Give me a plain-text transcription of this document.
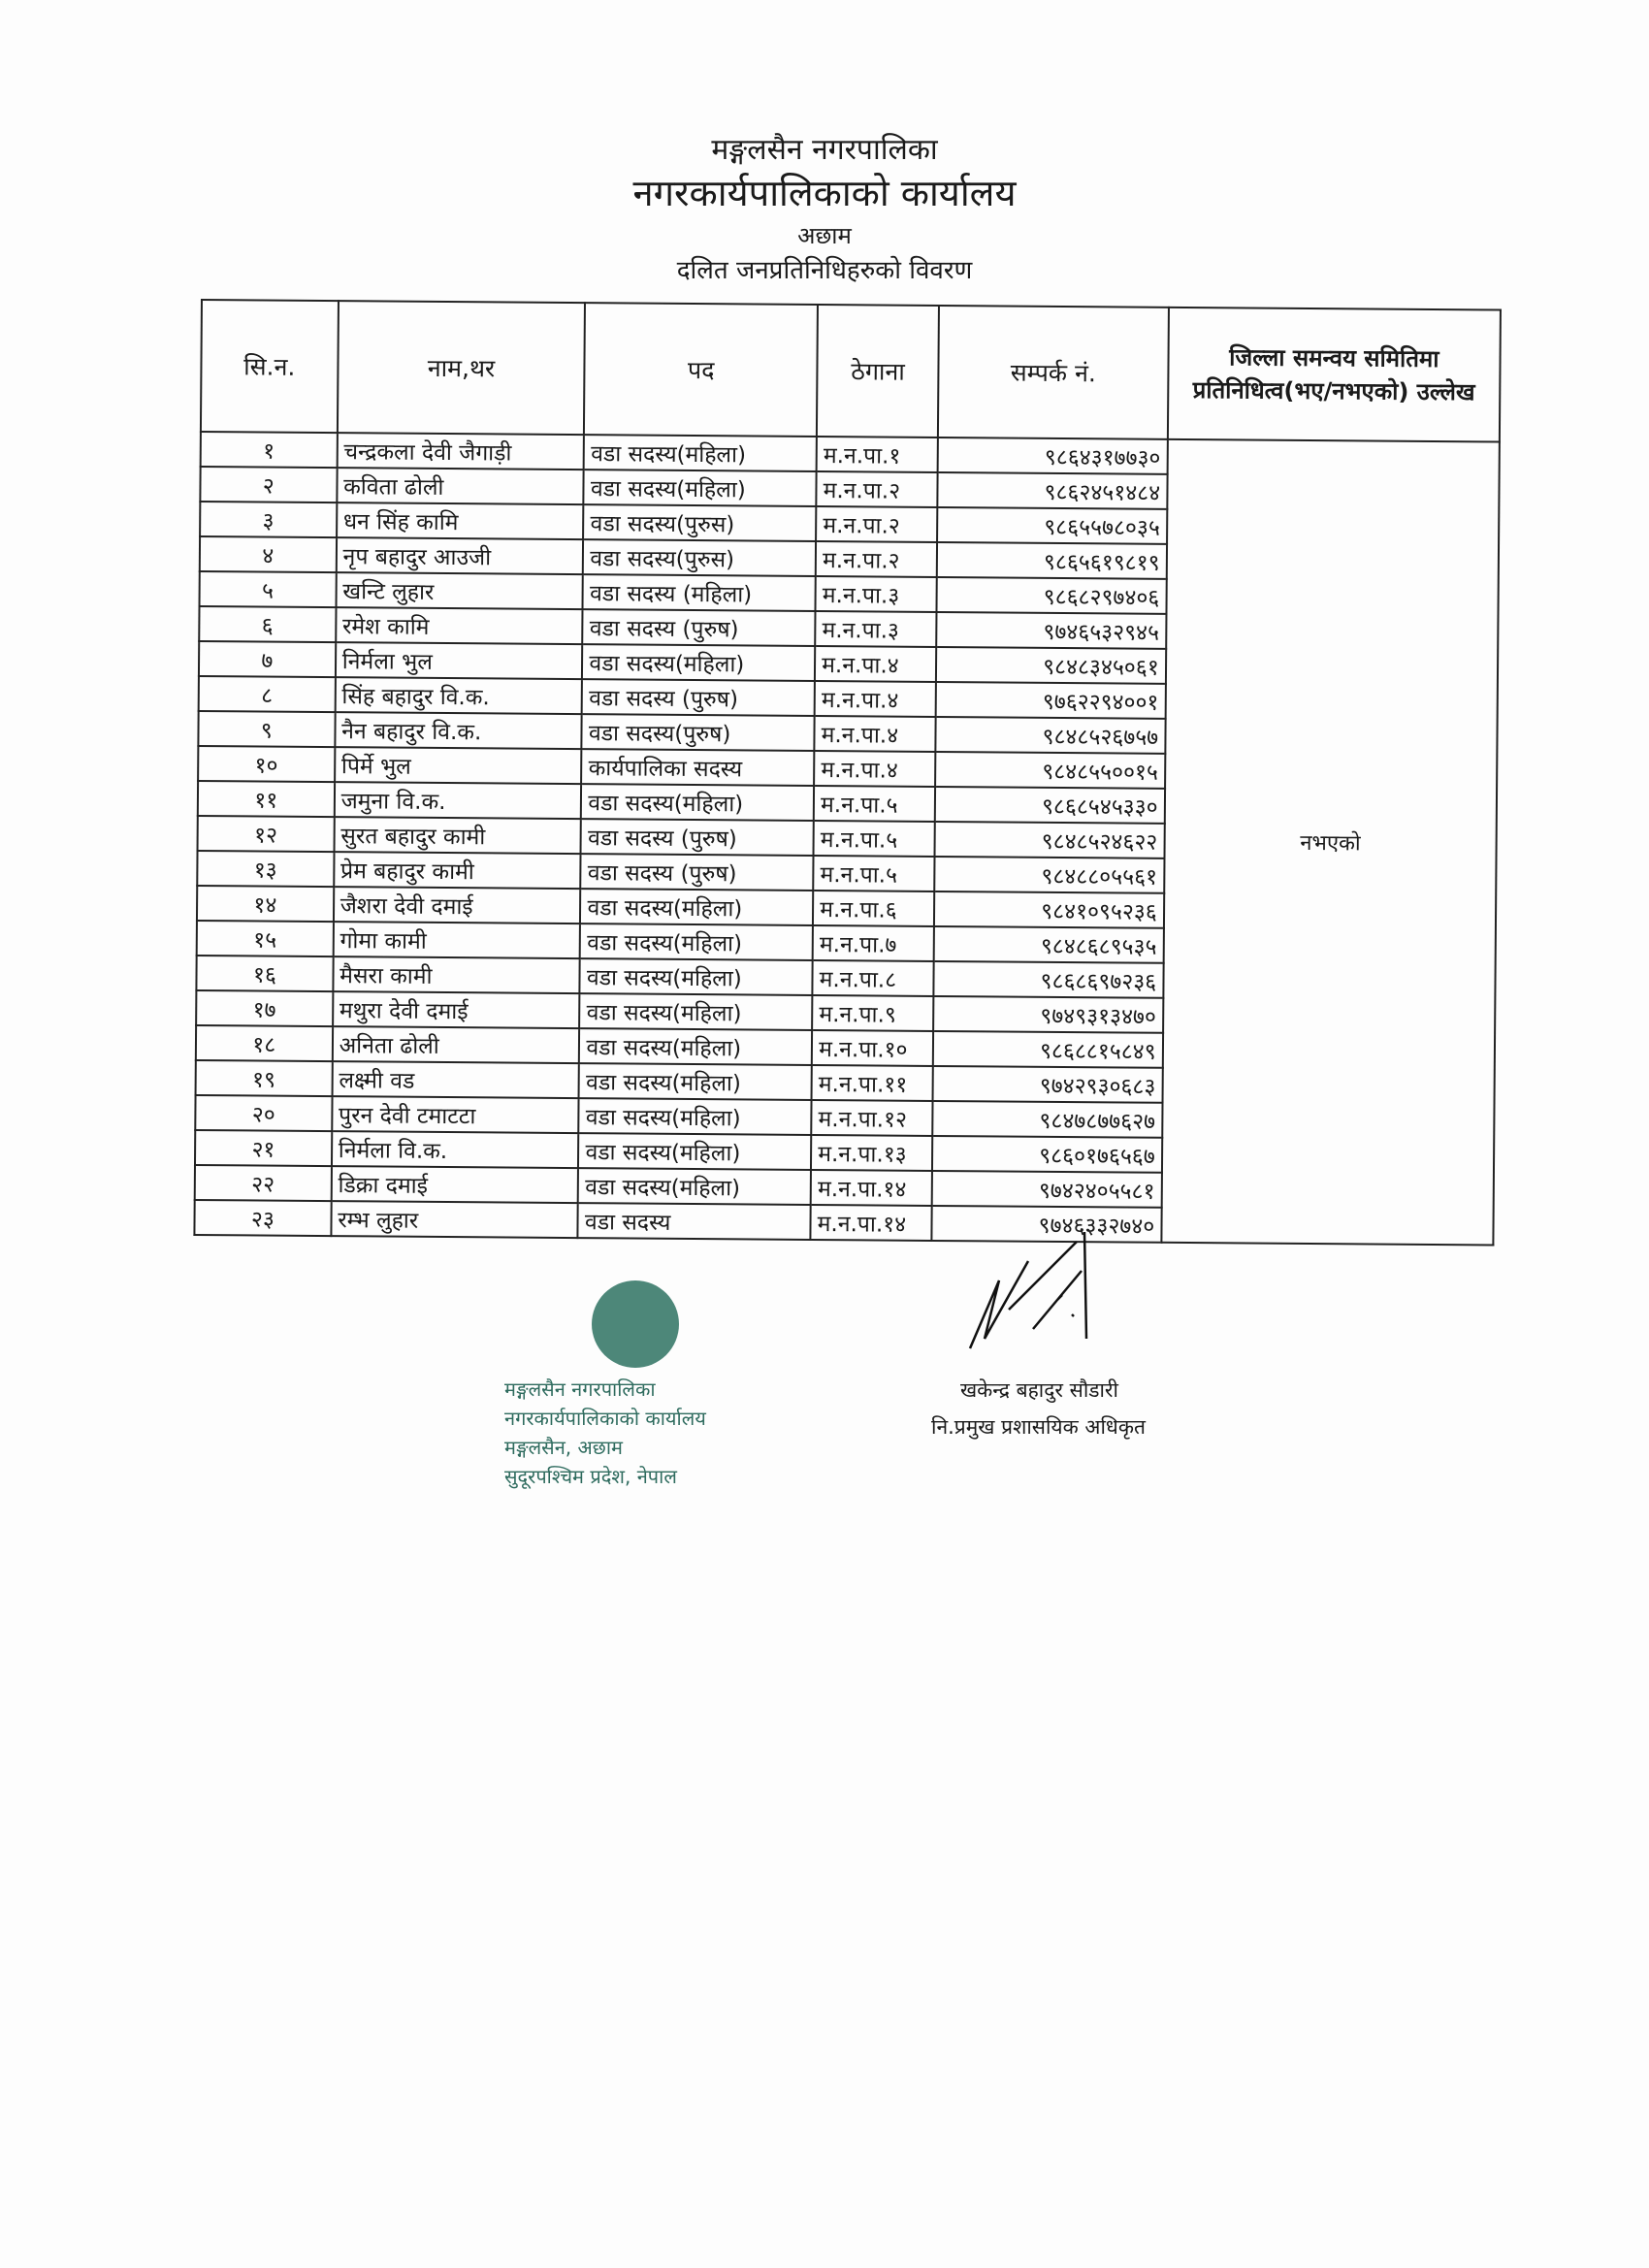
मङ्गलसैन नगरपालिका
नगरकार्यपालिकाको कार्यालय
अछाम
दलित जनप्रतिनिधिहरुको विवरण
सि.न.	नाम,थर	पद	ठेगाना	सम्पर्क नं.	जिल्ला समन्वय समितिमा प्रतिनिधित्व(भए/नभएको) उल्लेख
१	चन्द्रकला देवी जैगाड़ी	वडा सदस्य(महिला)	म.न.पा.१	९८६४३१७७३०	नभएको
२	कविता ढोली	वडा सदस्य(महिला)	म.न.पा.२	९८६२४५१४८४	
३	धन सिंह कामि	वडा सदस्य(पुरुस)	म.न.पा.२	९८६५५७८०३५	
४	नृप बहादुर आउजी	वडा सदस्य(पुरुस)	म.न.पा.२	९८६५६१९८१९	
५	खन्टि लुहार	वडा सदस्य (महिला)	म.न.पा.३	९८६८२९७४०६	
६	रमेश कामि	वडा सदस्य (पुरुष)	म.न.पा.३	९७४६५३२९४५	
७	निर्मला भुल	वडा सदस्य(महिला)	म.न.पा.४	९८४८३४५०६१	
८	सिंह बहादुर वि.क.	वडा सदस्य (पुरुष)	म.न.पा.४	९७६२२९४००१	
९	नैन बहादुर वि.क.	वडा सदस्य(पुरुष)	म.न.पा.४	९८४८५२६७५७	
१०	पिर्मे भुल	कार्यपालिका सदस्य	म.न.पा.४	९८४८५५००१५	
११	जमुना वि.क.	वडा सदस्य(महिला)	म.न.पा.५	९८६८५४५३३०	
१२	सुरत बहादुर कामी	वडा सदस्य (पुरुष)	म.न.पा.५	९८४८५२४६२२	
१३	प्रेम बहादुर कामी	वडा सदस्य (पुरुष)	म.न.पा.५	९८४८८०५५६१	
१४	जैशरा देवी दमाई	वडा सदस्य(महिला)	म.न.पा.६	९८४१०९५२३६	
१५	गोमा कामी	वडा सदस्य(महिला)	म.न.पा.७	९८४८६८९५३५	
१६	मैसरा कामी	वडा सदस्य(महिला)	म.न.पा.८	९८६८६९७२३६	
१७	मथुरा देवी दमाई	वडा सदस्य(महिला)	म.न.पा.९	९७४९३१३४७०	
१८	अनिता ढोली	वडा सदस्य(महिला)	म.न.पा.१०	९८६८८१५८४९	
१९	लक्ष्मी वड	वडा सदस्य(महिला)	म.न.पा.११	९७४२९३०६८३	
२०	पुरन देवी टमाटटा	वडा सदस्य(महिला)	म.न.पा.१२	९८४७८७७६२७	
२१	निर्मला वि.क.	वडा सदस्य(महिला)	म.न.पा.१३	९८६०१७६५६७	
२२	डिक्रा दमाई	वडा सदस्य(महिला)	म.न.पा.१४	९७४२४०५५८१	
२३	रम्भ लुहार	वडा सदस्य	म.न.पा.१४	९७४६३३२७४०	
मङ्गलसैन नगरपालिका
नगरकार्यपालिकाको कार्यालय
मङ्गलसैन, अछाम
सुदूरपश्चिम प्रदेश, नेपाल
खकेन्द्र बहादुर सौडारी
नि.प्रमुख प्रशासयिक अधिकृत
